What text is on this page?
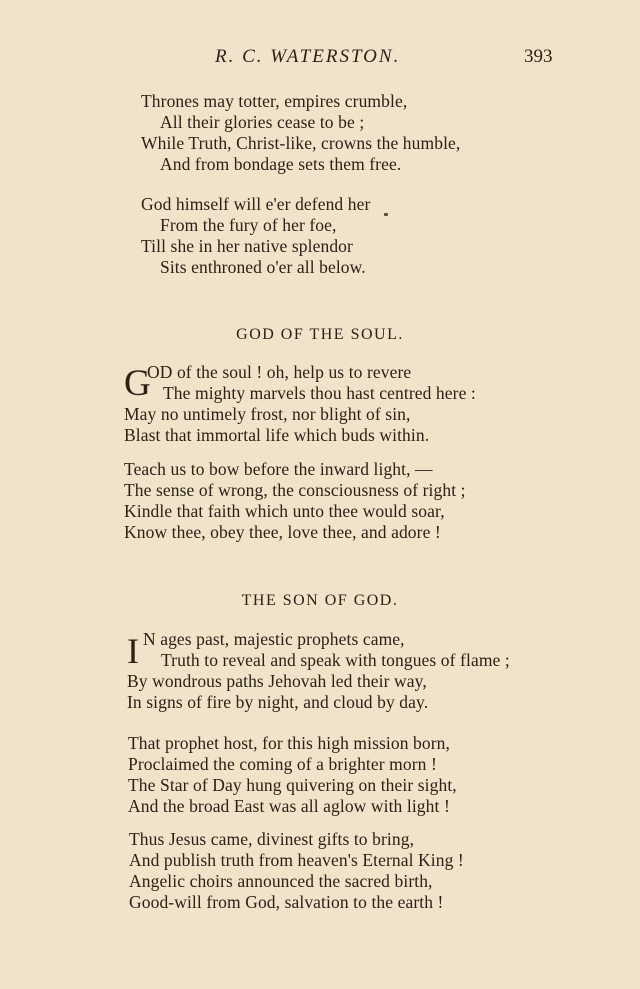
R. C. WATERSTON.	393
Thrones may totter, empires crumble,
All their glories cease to be ;
While Truth, Christ-like, crowns the humble,
And from bondage sets them free.
God himself will e'er defend her
From the fury of her foe,
Till she in her native splendor
Sits enthroned o'er all below.
GOD OF THE SOUL.
G
OD of the soul ! oh, help us to revere
The mighty marvels thou hast centred here :
May no untimely frost, nor blight of sin,
Blast that immortal life which buds within.
Teach us to bow before the inward light, —
The sense of wrong, the consciousness of right ;
Kindle that faith which unto thee would soar,
Know thee, obey thee, love thee, and adore !
THE SON OF GOD.
I N ages past, majestic prophets came,
Truth to reveal and speak with tongues of flame ;
By wondrous paths Jehovah led their way,
In signs of fire by night, and cloud by day.
That prophet host, for this high mission born,
Proclaimed the coming of a brighter morn !
The Star of Day hung quivering on their sight,
And the broad East was all aglow with light !
Thus Jesus came, divinest gifts to bring,
And publish truth from heaven's Eternal King !
Angelic choirs announced the sacred birth,
Good-will from God, salvation to the earth !
